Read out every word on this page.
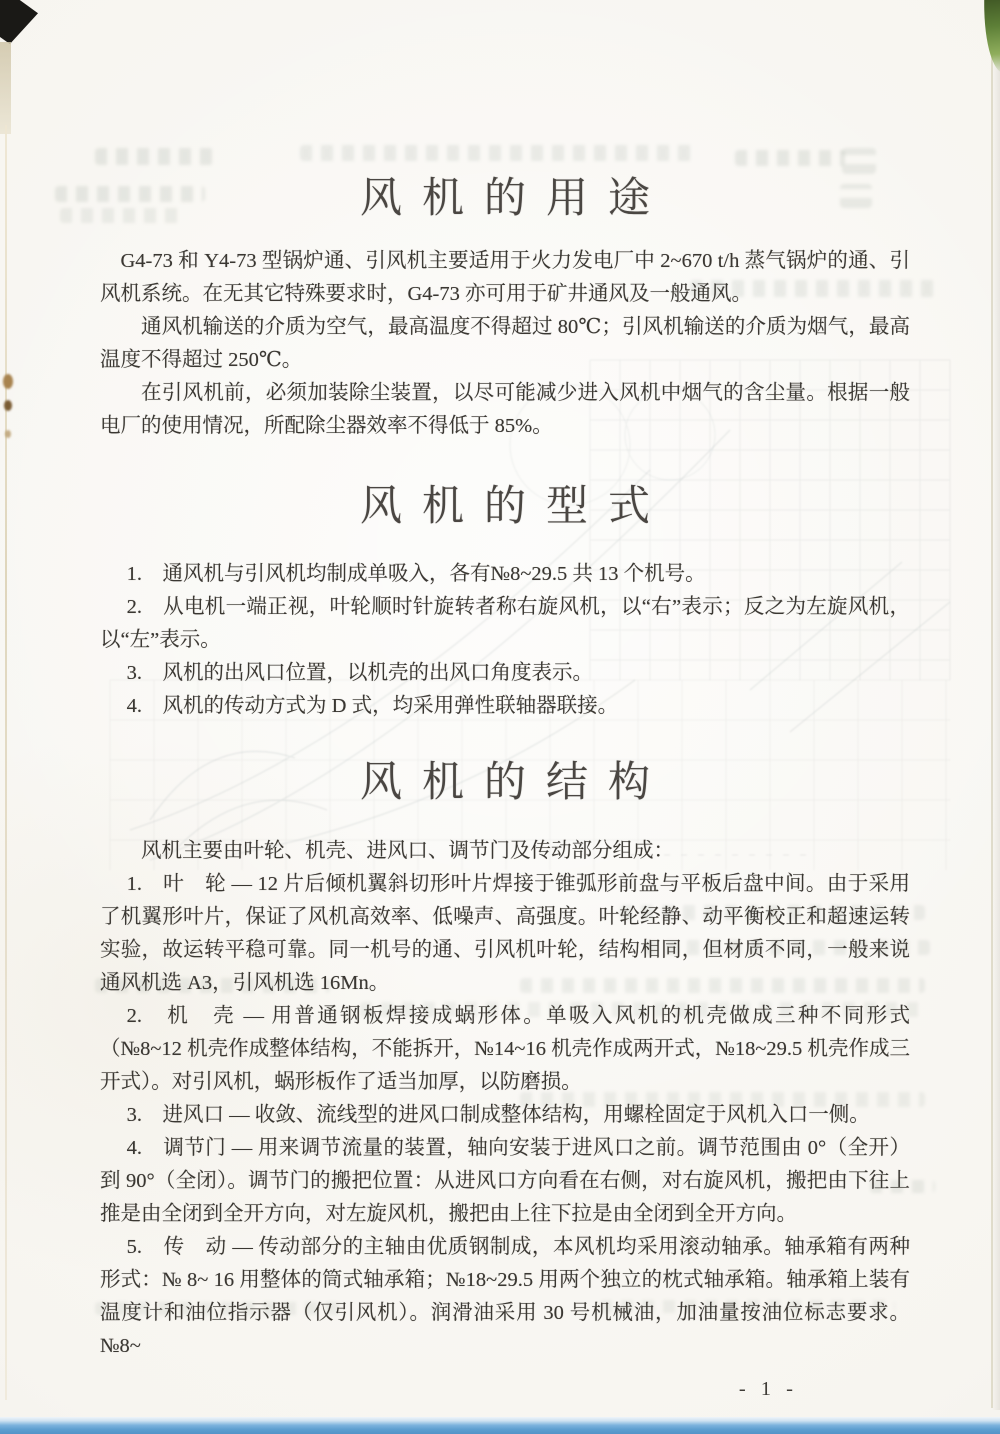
风机的用途

G4-73 和 Y4-73 型锅炉通、引风机主要适用于火力发电厂中 2~670 t/h 蒸气锅炉的通、引风机系统。在无其它特殊要求时，G4-73 亦可用于矿井通风及一般通风。

通风机输送的介质为空气，最高温度不得超过 80℃；引风机输送的介质为烟气，最高温度不得超过 250℃。

在引风机前，必须加装除尘装置，以尽可能减少进入风机中烟气的含尘量。根据一般电厂的使用情况，所配除尘器效率不得低于 85%。

风机的型式

1.　通风机与引风机均制成单吸入，各有№8~29.5 共 13 个机号。

2.　从电机一端正视，叶轮顺时针旋转者称右旋风机，以“右”表示；反之为左旋风机，以“左”表示。

3.　风机的出风口位置，以机壳的出风口角度表示。

4.　风机的传动方式为 D 式，均采用弹性联轴器联接。

风机的结构

风机主要由叶轮、机壳、进风口、调节门及传动部分组成：

1.　叶　轮 — 12 片后倾机翼斜切形叶片焊接于锥弧形前盘与平板后盘中间。由于采用了机翼形叶片，保证了风机高效率、低噪声、高强度。叶轮经静、动平衡校正和超速运转实验，故运转平稳可靠。同一机号的通、引风机叶轮，结构相同，但材质不同，一般来说通风机选 A3，引风机选 16Mn。

2.　机　壳 — 用普通钢板焊接成蜗形体。单吸入风机的机壳做成三种不同形式（№8~12 机壳作成整体结构，不能拆开，№14~16 机壳作成两开式，№18~29.5 机壳作成三开式）。对引风机，蜗形板作了适当加厚，以防磨损。

3.　进风口 — 收敛、流线型的进风口制成整体结构，用螺栓固定于风机入口一侧。

4.　调节门 — 用来调节流量的装置，轴向安装于进风口之前。调节范围由 0°（全开）到 90°（全闭）。调节门的搬把位置：从进风口方向看在右侧，对右旋风机，搬把由下往上推是由全闭到全开方向，对左旋风机，搬把由上往下拉是由全闭到全开方向。

5.　传　动 — 传动部分的主轴由优质钢制成，本风机均采用滚动轴承。轴承箱有两种形式：№ 8~ 16 用整体的筒式轴承箱；№18~29.5 用两个独立的枕式轴承箱。轴承箱上装有温度计和油位指示器（仅引风机）。润滑油采用 30 号机械油，加油量按油位标志要求。№8~

- 1 -
